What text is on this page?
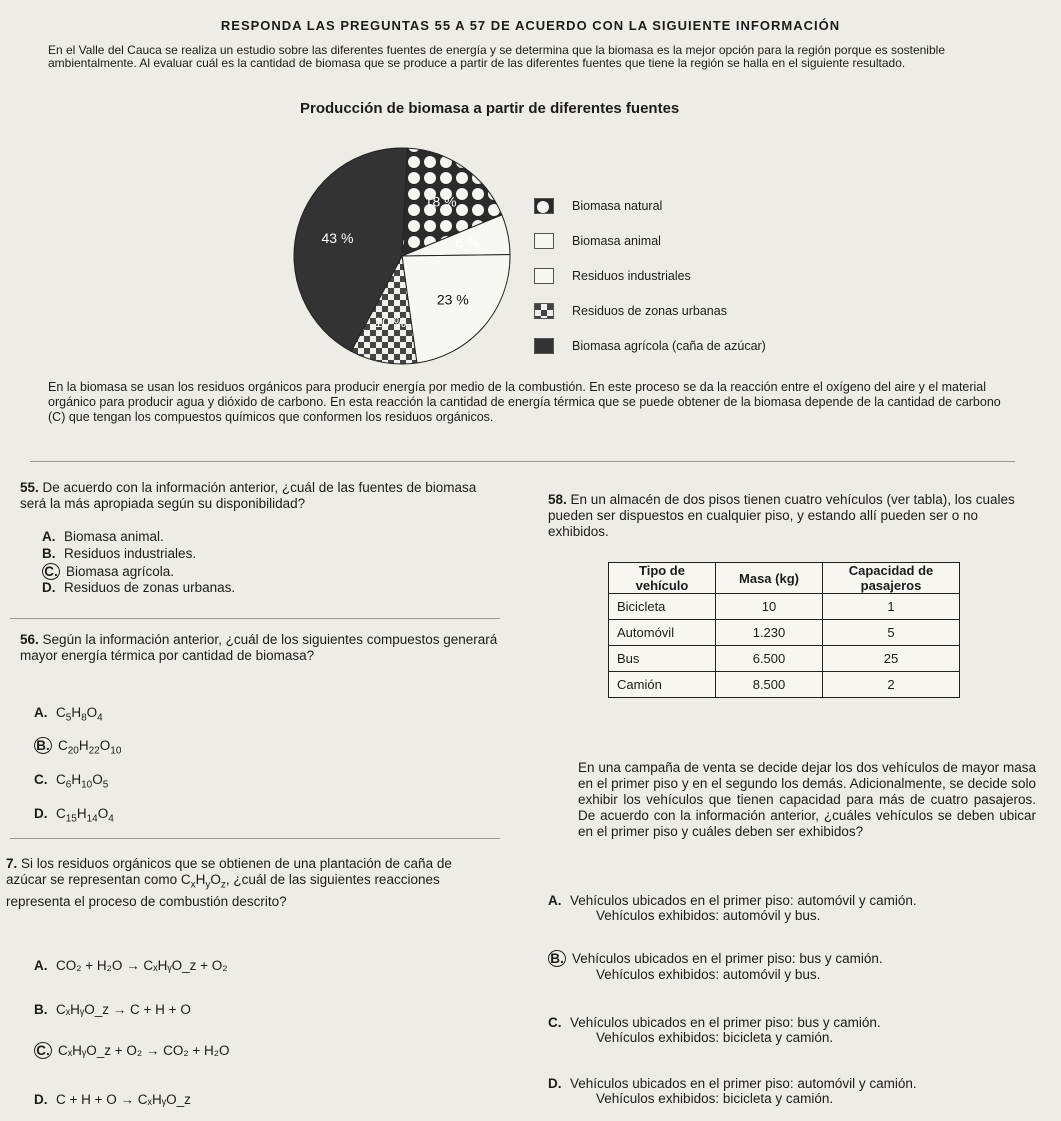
RESPONDA LAS PREGUNTAS 55 A 57 DE ACUERDO CON LA SIGUIENTE INFORMACIÓN
En el Valle del Cauca se realiza un estudio sobre las diferentes fuentes de energía y se determina que la biomasa es la mejor opción para la región porque es sostenible ambientalmente. Al evaluar cuál es la cantidad de biomasa que se produce a partir de las diferentes fuentes que tiene la región se halla en el siguiente resultado.
Producción de biomasa a partir de diferentes fuentes
18 %
6 %
23 %
10 %
43 %
Biomasa natural
Biomasa animal
Residuos industriales
Residuos de zonas urbanas
Biomasa agrícola (caña de azúcar)
En la biomasa se usan los residuos orgánicos para producir energía por medio de la combustión. En este proceso se da la reacción entre el oxígeno del aire y el material orgánico para producir agua y dióxido de carbono. En esta reacción la cantidad de energía térmica que se puede obtener de la biomasa depende de la cantidad de carbono (C) que tengan los compuestos químicos que conformen los residuos orgánicos.
55. De acuerdo con la información anterior, ¿cuál de las fuentes de biomasa será la más apropiada según su disponibilidad?
A. Biomasa animal.
B. Residuos industriales.
C. Biomasa agrícola.
D. Residuos de zonas urbanas.
56. Según la información anterior, ¿cuál de los siguientes compuestos generará mayor energía térmica por cantidad de biomasa?
A. $C_5H_8O_4$
B. $C_{20}H_{22}O_{10}$
C. $C_6H_{10}O_5$
D. $C_{15}H_{14}O_4$
7. Si los residuos orgánicos que se obtienen de una plantación de caña de azúcar se representan como $C_xH_yO_z$, ¿cuál de las siguientes reacciones representa el proceso de combustión descrito?
A. CO₂ + H₂O → CₓHᵧO_z + O₂
B. CₓHᵧO_z → C + H + O
C. CₓHᵧO_z + O₂ → CO₂ + H₂O
D. C + H + O → CₓHᵧO_z
58. En un almacén de dos pisos tienen cuatro vehículos (ver tabla), los cuales pueden ser dispuestos en cualquier piso, y estando allí pueden ser o no exhibidos.
Tipo de vehículo	Masa (kg)	Capacidad de pasajeros
Bicicleta	10	1
Automóvil	1.230	5
Bus	6.500	25
Camión	8.500	2
En una campaña de venta se decide dejar los dos vehículos de mayor masa en el primer piso y en el segundo los demás. Adicionalmente, se decide solo exhibir los vehículos que tienen capacidad para más de cuatro pasajeros. De acuerdo con la información anterior, ¿cuáles vehículos se deben ubicar en el primer piso y cuáles deben ser exhibidos?
A. Vehículos ubicados en el primer piso: automóvil y camión.
Vehículos exhibidos: automóvil y bus.
B. Vehículos ubicados en el primer piso: bus y camión.
Vehículos exhibidos: automóvil y bus.
C. Vehículos ubicados en el primer piso: bus y camión.
Vehículos exhibidos: bicicleta y camión.
D. Vehículos ubicados en el primer piso: automóvil y camión.
Vehículos exhibidos: bicicleta y camión.
